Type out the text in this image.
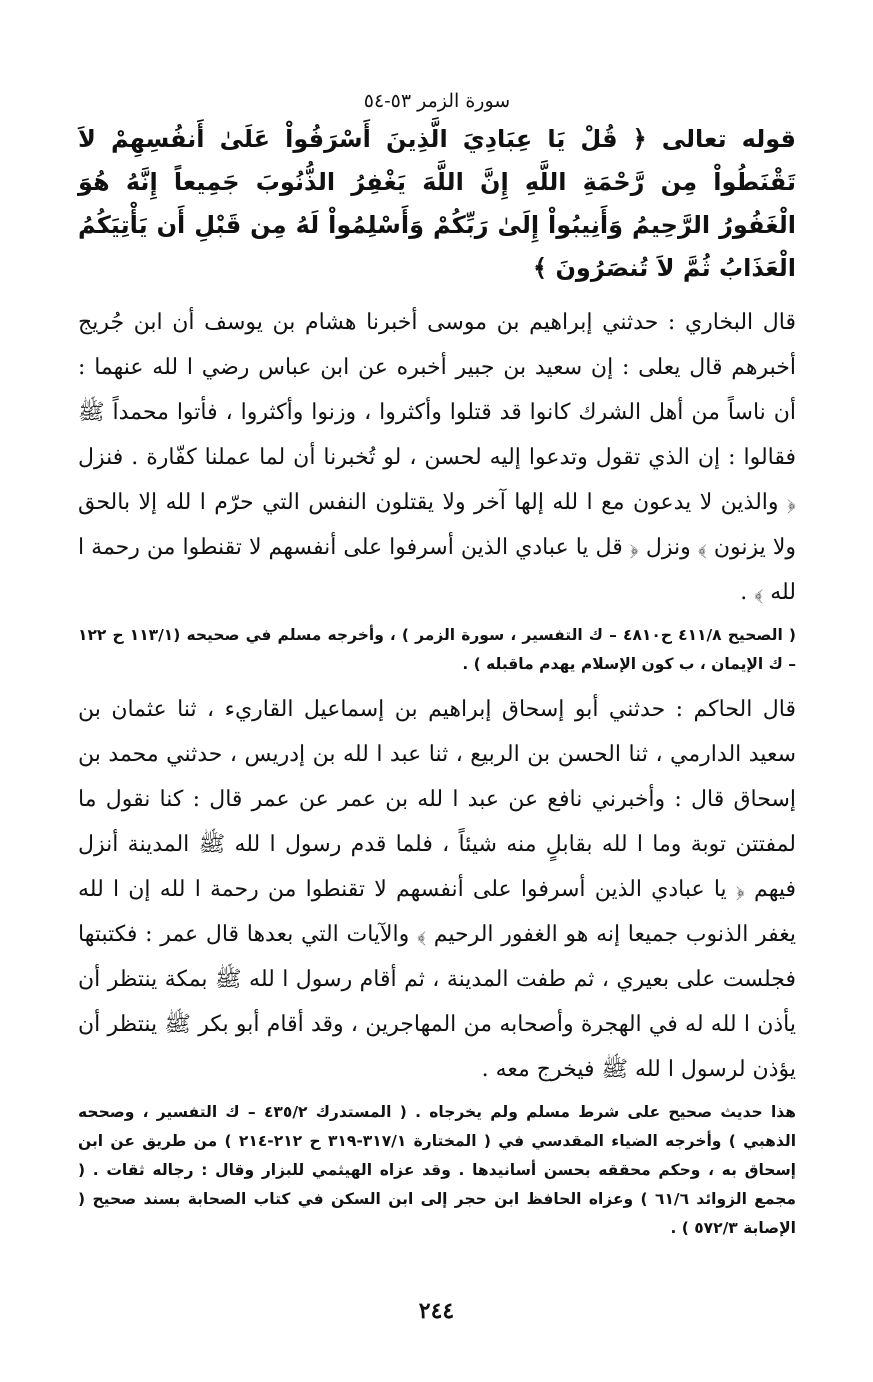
سورة الزمر ٥٣-٥٤

قوله تعالى ﴿ قُلْ يَا عِبَادِيَ الَّذِينَ أَسْرَفُواْ عَلَىٰ أَنفُسِهِمْ لاَ تَقْنَطُواْ مِن رَّحْمَةِ اللَّهِ إِنَّ اللَّهَ يَغْفِرُ الذُّنُوبَ جَمِيعاً إِنَّهُ هُوَ الْغَفُورُ الرَّحِيمُ وَأَنِيبُواْ إِلَىٰ رَبِّكُمْ وَأَسْلِمُواْ لَهُ مِن قَبْلِ أَن يَأْتِيَكُمُ الْعَذَابُ ثُمَّ لاَ تُنصَرُونَ ﴾

قال البخاري : حدثني إبراهيم بن موسى أخبرنا هشام بن يوسف أن ابن جُريج أخبرهم قال يعلى : إن سعيد بن جبير أخبره عن ابن عباس رضي ا لله عنهما : أن ناساً من أهل الشرك كانوا قد قتلوا وأكثروا ، وزنوا وأكثروا ، فأتوا محمداً ﷺ فقالوا : إن الذي تقول وتدعوا إليه لحسن ، لو تُخبرنا أن لما عملنا كفّارة . فنزل ﴿ والذين لا يدعون مع ا لله إلها آخر ولا يقتلون النفس التي حرّم ا لله إلا بالحق ولا يزنون ﴾ ونزل ﴿ قل يا عبادي الذين أسرفوا على أنفسهم لا تقنطوا من رحمة ا لله ﴾ .

( الصحيح ٤١١/٨ ح٤٨١٠ – ك التفسير ، سورة الزمر ) ، وأخرجه مسلم في صحيحه (١١٣/١ ح ١٢٢ – ك الإيمان ، ب كون الإسلام يهدم ماقبله ) .

قال الحاكم : حدثني أبو إسحاق إبراهيم بن إسماعيل القاريء ، ثنا عثمان بن سعيد الدارمي ، ثنا الحسن بن الربيع ، ثنا عبد ا لله بن إدريس ، حدثني محمد بن إسحاق قال : وأخبرني نافع عن عبد ا لله بن عمر عن عمر قال : كنا نقول ما لمفتتن توبة وما ا لله بقابلٍ منه شيئاً ، فلما قدم رسول ا لله ﷺ المدينة أنزل فيهم ﴿ يا عبادي الذين أسرفوا على أنفسهم لا تقنطوا من رحمة ا لله إن ا لله يغفر الذنوب جميعا إنه هو الغفور الرحيم ﴾ والآيات التي بعدها قال عمر : فكتبتها فجلست على بعيري ، ثم طفت المدينة ، ثم أقام رسول ا لله ﷺ بمكة ينتظر أن يأذن ا لله له في الهجرة وأصحابه من المهاجرين ، وقد أقام أبو بكر ﷺ ينتظر أن يؤذن لرسول ا لله ﷺ فيخرج معه .

هذا حديث صحيح على شرط مسلم ولم يخرجاه . ( المستدرك ٤٣٥/٢ – ك التفسير ، وصححه الذهبي ) وأخرجه الضياء المقدسي في ( المختارة ٣١٧/١-٣١٩ ح ٢١٢-٢١٤ ) من طريق عن ابن إسحاق به ، وحكم محققه بحسن أسانيدها . وقد عزاه الهيثمي للبزار وقال : رجاله ثقات . ( مجمع الزوائد ٦١/٦ ) وعزاه الحافظ ابن حجر إلى ابن السكن في كتاب الصحابة بسند صحيح ( الإصابة ٥٧٢/٣ ) .

٢٤٤
